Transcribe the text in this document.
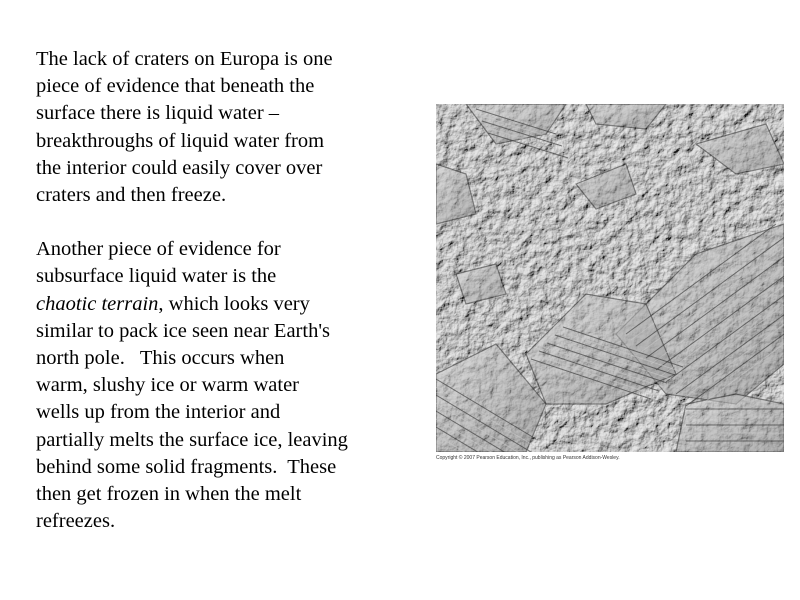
The lack of craters on Europa is one
piece of evidence that beneath the
surface there is liquid water –
breakthroughs of liquid water from
the interior could easily cover over
craters and then freeze.
Another piece of evidence for
subsurface liquid water is the
chaotic terrain, which looks very
similar to pack ice seen near Earth's
north pole.   This occurs when
warm, slushy ice or warm water
wells up from the interior and
partially melts the surface ice, leaving
behind some solid fragments.  These
then get frozen in when the melt
refreezes.
Copyright © 2007 Pearson Education, Inc., publishing as Pearson Addison-Wesley.
